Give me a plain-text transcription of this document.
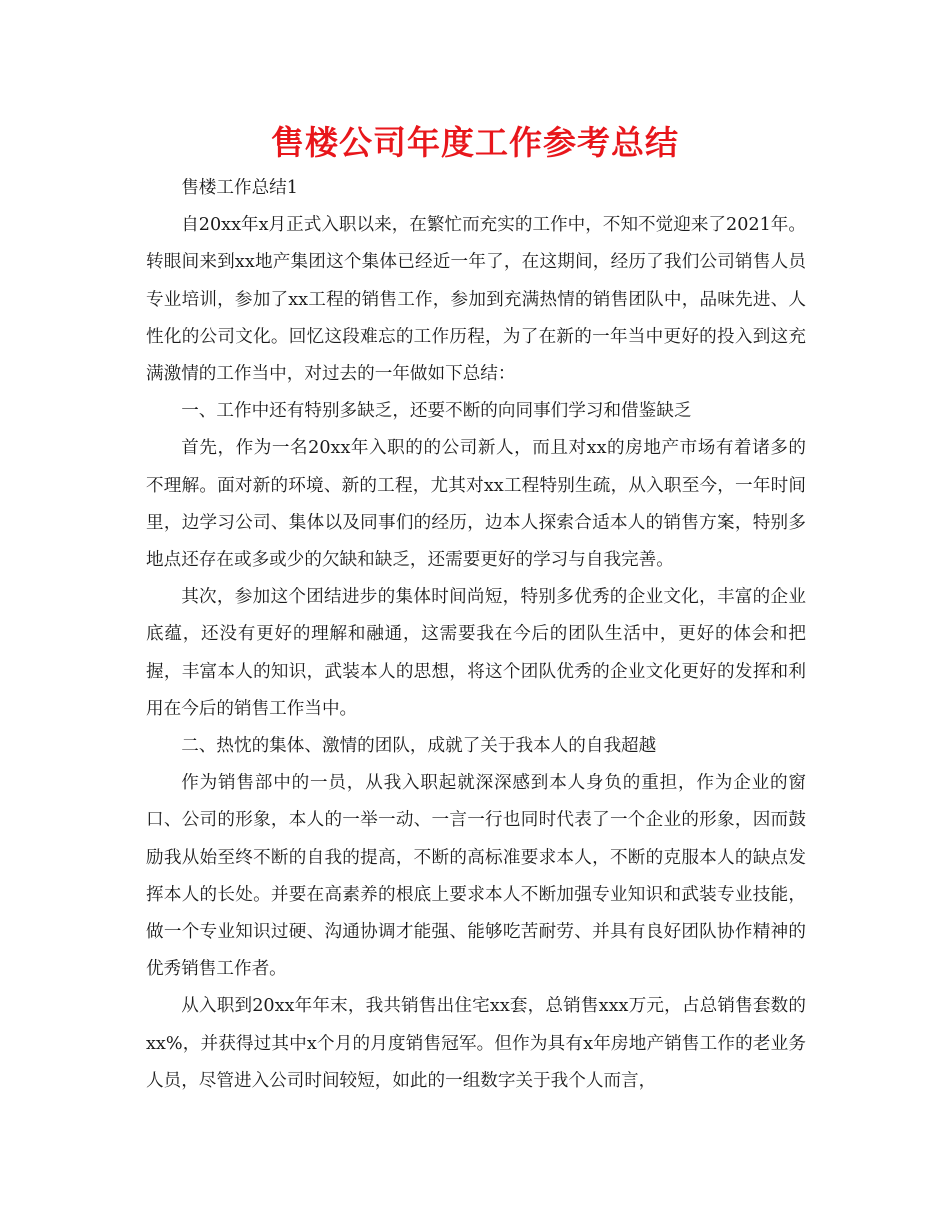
售楼公司年度工作参考总结

售楼工作总结1

自20xx年x月正式入职以来，在繁忙而充实的工作中，不知不觉迎来了2021年。转眼间来到xx地产集团这个集体已经近一年了，在这期间，经历了我们公司销售人员专业培训，参加了xx工程的销售工作，参加到充满热情的销售团队中，品味先进、人性化的公司文化。回忆这段难忘的工作历程，为了在新的一年当中更好的投入到这充满激情的工作当中，对过去的一年做如下总结：

一、工作中还有特别多缺乏，还要不断的向同事们学习和借鉴缺乏

首先，作为一名20xx年入职的的公司新人，而且对xx的房地产市场有着诸多的不理解。面对新的环境、新的工程，尤其对xx工程特别生疏，从入职至今，一年时间里，边学习公司、集体以及同事们的经历，边本人探索合适本人的销售方案，特别多地点还存在或多或少的欠缺和缺乏，还需要更好的学习与自我完善。

其次，参加这个团结进步的集体时间尚短，特别多优秀的企业文化，丰富的企业底蕴，还没有更好的理解和融通，这需要我在今后的团队生活中，更好的体会和把握，丰富本人的知识，武装本人的思想，将这个团队优秀的企业文化更好的发挥和利用在今后的销售工作当中。

二、热忱的集体、激情的团队，成就了关于我本人的自我超越

作为销售部中的一员，从我入职起就深深感到本人身负的重担，作为企业的窗口、公司的形象，本人的一举一动、一言一行也同时代表了一个企业的形象，因而鼓励我从始至终不断的自我的提高，不断的高标准要求本人，不断的克服本人的缺点发挥本人的长处。并要在高素养的根底上要求本人不断加强专业知识和武装专业技能，做一个专业知识过硬、沟通协调才能强、能够吃苦耐劳、并具有良好团队协作精神的优秀销售工作者。

从入职到20xx年年末，我共销售出住宅xx套，总销售xxx万元，占总销售套数的xx%，并获得过其中x个月的月度销售冠军。但作为具有x年房地产销售工作的老业务人员，尽管进入公司时间较短，如此的一组数字关于我个人而言，
